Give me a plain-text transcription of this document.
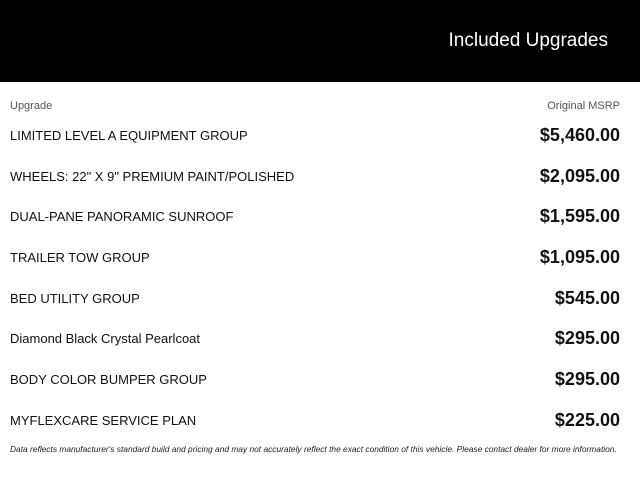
Included Upgrades
Upgrade	Original MSRP
LIMITED LEVEL A EQUIPMENT GROUP	$5,460.00
WHEELS: 22" X 9" PREMIUM PAINT/POLISHED	$2,095.00
DUAL-PANE PANORAMIC SUNROOF	$1,595.00
TRAILER TOW GROUP	$1,095.00
BED UTILITY GROUP	$545.00
Diamond Black Crystal Pearlcoat	$295.00
BODY COLOR BUMPER GROUP	$295.00
MYFLEXCARE SERVICE PLAN	$225.00
Data reflects manufacturer's standard build and pricing and may not accurately reflect the exact condition of this vehicle. Please contact dealer for more information.
